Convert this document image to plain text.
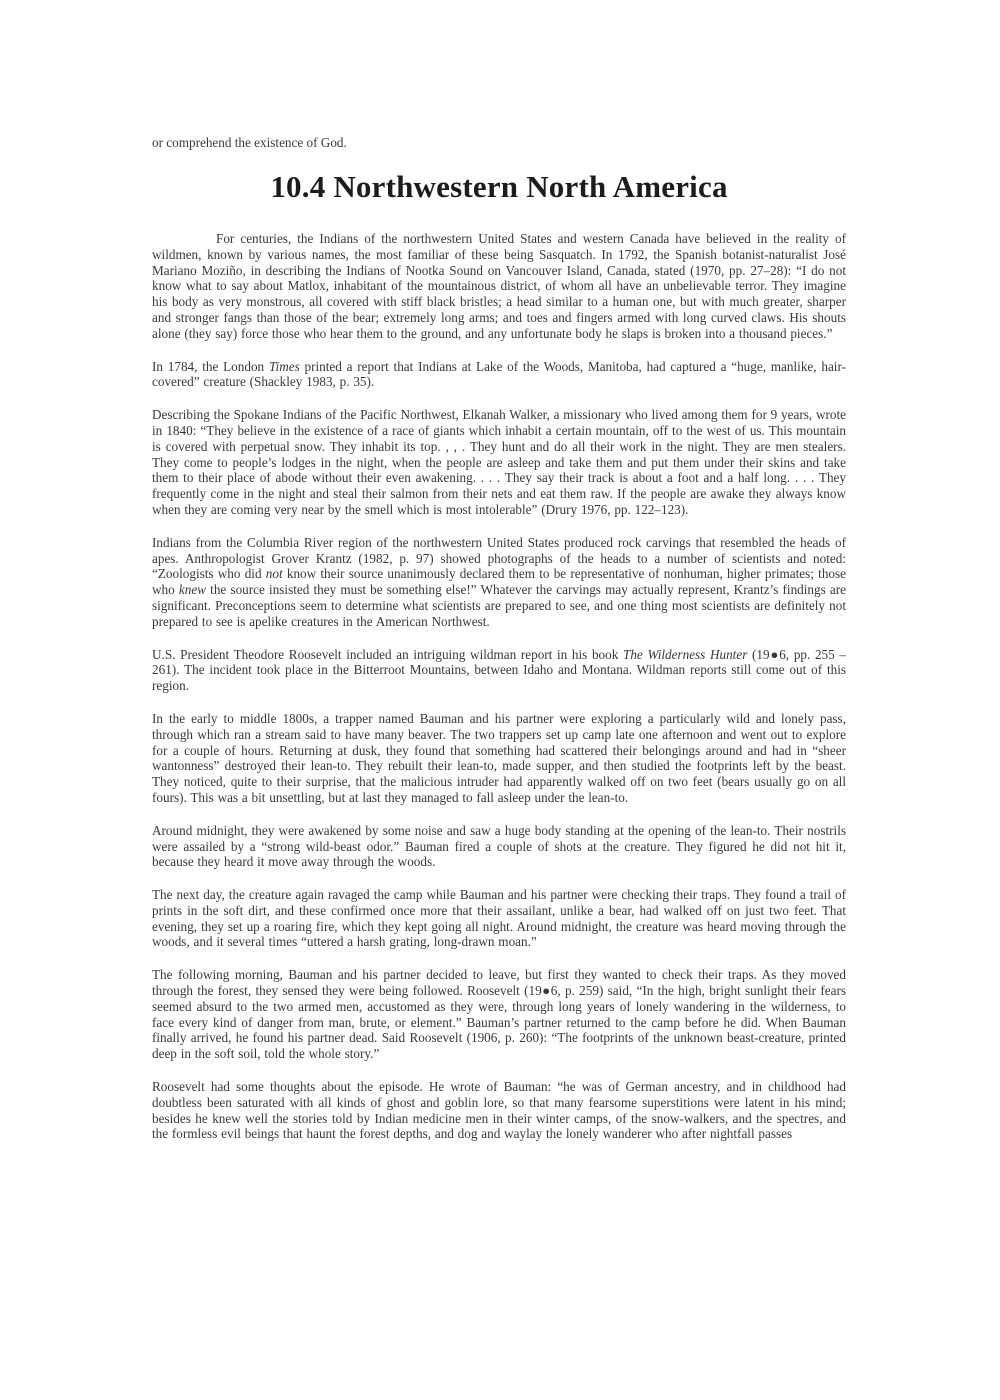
or comprehend the existence of God.

10.4 Northwestern North America

For centuries, the Indians of the northwestern United States and western Canada have believed in the reality of wildmen, known by various names, the most familiar of these being Sasquatch. In 1792, the Spanish botanist-naturalist José Mariano Moziño, in describing the Indians of Nootka Sound on Vancouver Island, Canada, stated (1970, pp. 27–28): “I do not know what to say about Matlox, inhabitant of the mountainous district, of whom all have an unbelievable terror. They imagine his body as very monstrous, all covered with stiff black bristles; a head similar to a human one, but with much greater, sharper and stronger fangs than those of the bear; extremely long arms; and toes and fingers armed with long curved claws. His shouts alone (they say) force those who hear them to the ground, and any unfortunate body he slaps is broken into a thousand pieces.”

In 1784, the London Times printed a report that Indians at Lake of the Woods, Manitoba, had captured a “huge, manlike, hair-covered” creature (Shackley 1983, p. 35).

Describing the Spokane Indians of the Pacific Northwest, Elkanah Walker, a missionary who lived among them for 9 years, wrote in 1840: “They believe in the existence of a race of giants which inhabit a certain mountain, off to the west of us. This mountain is covered with perpetual snow. They inhabit its top. , , . They hunt and do all their work in the night. They are men stealers. They come to people’s lodges in the night, when the people are asleep and take them and put them under their skins and take them to their place of abode without their even awakening. . . . They say their track is about a foot and a half long. . . . They frequently come in the night and steal their salmon from their nets and eat them raw. If the people are awake they always know when they are coming very near by the smell which is most intolerable” (Drury 1976, pp. 122–123).

Indians from the Columbia River region of the northwestern United States produced rock carvings that resembled the heads of apes. Anthropologist Grover Krantz (1982, p. 97) showed photographs of the heads to a number of scientists and noted: “Zoologists who did not know their source unanimously declared them to be representative of nonhuman, higher primates; those who knew the source insisted they must be something else!” Whatever the carvings may actually represent, Krantz’s findings are significant. Preconceptions seem to determine what scientists are prepared to see, and one thing most scientists are definitely not prepared to see is apelike creatures in the American Northwest.

U.S. President Theodore Roosevelt included an intriguing wildman report in his book The Wilderness Hunter (19●6, pp. 255 –261). The incident took place in the Bitterroot Mountains, between Idaho and Montana. Wildman reports still come out of this region.

In the early to middle 1800s, a trapper named Bauman and his partner were exploring a particularly wild and lonely pass, through which ran a stream said to have many beaver. The two trappers set up camp late one afternoon and went out to explore for a couple of hours. Returning at dusk, they found that something had scattered their belongings around and had in “sheer wantonness” destroyed their lean-to. They rebuilt their lean-to, made supper, and then studied the footprints left by the beast. They noticed, quite to their surprise, that the malicious intruder had apparently walked off on two feet (bears usually go on all fours). This was a bit unsettling, but at last they managed to fall asleep under the lean-to.

Around midnight, they were awakened by some noise and saw a huge body standing at the opening of the lean-to. Their nostrils were assailed by a “strong wild-beast odor.” Bauman fired a couple of shots at the creature. They figured he did not hit it, because they heard it move away through the woods.

The next day, the creature again ravaged the camp while Bauman and his partner were checking their traps. They found a trail of prints in the soft dirt, and these confirmed once more that their assailant, unlike a bear, had walked off on just two feet. That evening, they set up a roaring fire, which they kept going all night. Around midnight, the creature was heard moving through the woods, and it several times “uttered a harsh grating, long-drawn moan.”

The following morning, Bauman and his partner decided to leave, but first they wanted to check their traps. As they moved through the forest, they sensed they were being followed. Roosevelt (19●6, p. 259) said, “In the high, bright sunlight their fears seemed absurd to the two armed men, accustomed as they were, through long years of lonely wandering in the wilderness, to face every kind of danger from man, brute, or element.” Bauman’s partner returned to the camp before he did. When Bauman finally arrived, he found his partner dead. Said Roosevelt (1906, p. 260): “The footprints of the unknown beast-creature, printed deep in the soft soil, told the whole story.”

Roosevelt had some thoughts about the episode. He wrote of Bauman: “he was of German ancestry, and in childhood had doubtless been saturated with all kinds of ghost and goblin lore, so that many fearsome superstitions were latent in his mind; besides he knew well the stories told by Indian medicine men in their winter camps, of the snow-walkers, and the spectres, and the formless evil beings that haunt the forest depths, and dog and waylay the lonely wanderer who after nightfall passes
